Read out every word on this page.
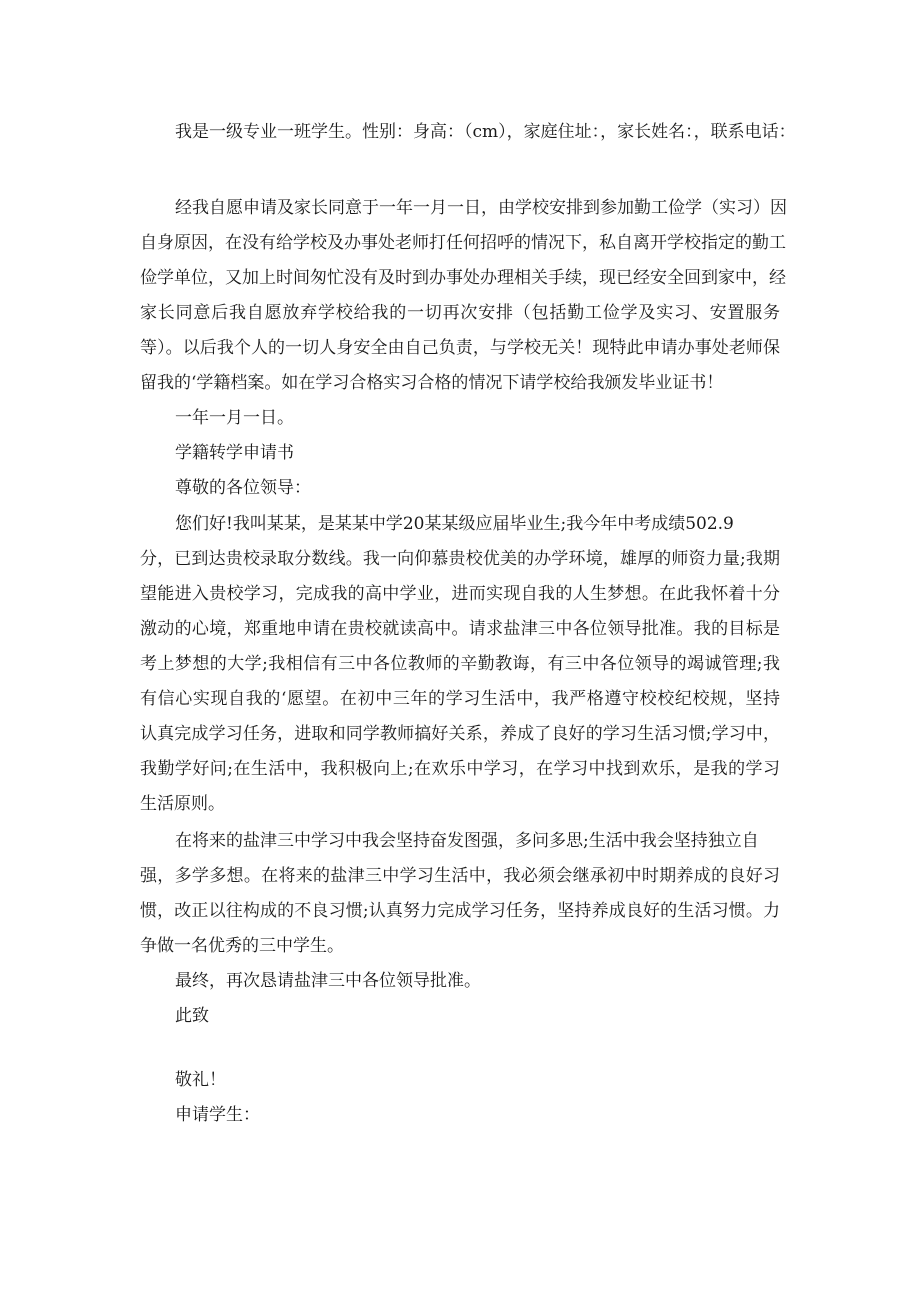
我是一级专业一班学生。性别：身高：（cm），家庭住址：，家长姓名：，联系电话：
经我自愿申请及家长同意于一年一月一日，由学校安排到参加勤工俭学（实习）因
自身原因，在没有给学校及办事处老师打任何招呼的情况下，私自离开学校指定的勤工
俭学单位，又加上时间匆忙没有及时到办事处办理相关手续，现已经安全回到家中，经
家长同意后我自愿放弃学校给我的一切再次安排（包括勤工俭学及实习、安置服务
等）。以后我个人的一切人身安全由自己负责，与学校无关！现特此申请办事处老师保
留我的‘学籍档案。如在学习合格实习合格的情况下请学校给我颁发毕业证书！
一年一月一日。
学籍转学申请书
尊敬的各位领导：
您们好!我叫某某，是某某中学20某某级应届毕业生;我今年中考成绩502.9
分，已到达贵校录取分数线。我一向仰慕贵校优美的办学环境，雄厚的师资力量;我期
望能进入贵校学习，完成我的高中学业，进而实现自我的人生梦想。在此我怀着十分
激动的心境，郑重地申请在贵校就读高中。请求盐津三中各位领导批准。我的目标是
考上梦想的大学;我相信有三中各位教师的辛勤教诲，有三中各位领导的竭诚管理;我
有信心实现自我的‘愿望。在初中三年的学习生活中，我严格遵守校校纪校规，坚持
认真完成学习任务，进取和同学教师搞好关系，养成了良好的学习生活习惯;学习中，
我勤学好问;在生活中，我积极向上;在欢乐中学习，在学习中找到欢乐，是我的学习
生活原则。
在将来的盐津三中学习中我会坚持奋发图强，多问多思;生活中我会坚持独立自
强，多学多想。在将来的盐津三中学习生活中，我必须会继承初中时期养成的良好习
惯，改正以往构成的不良习惯;认真努力完成学习任务，坚持养成良好的生活习惯。力
争做一名优秀的三中学生。
最终，再次恳请盐津三中各位领导批准。
此致
敬礼！
申请学生：
